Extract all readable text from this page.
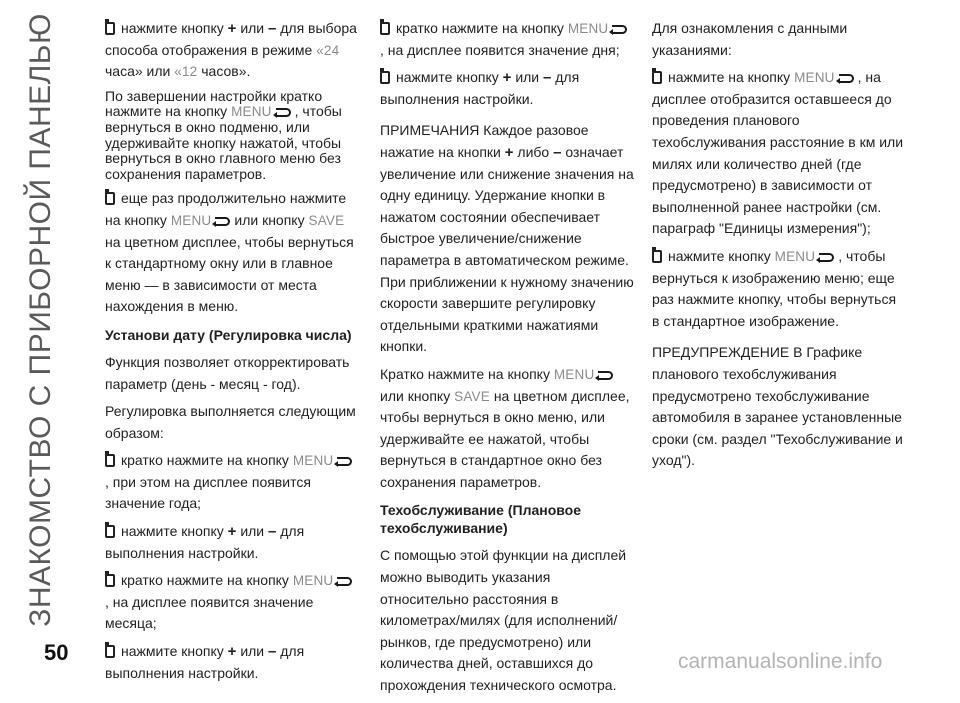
ЗНАКОМСТВО С ПРИБОРНОЙ ПАНЕЛЬЮ	нажмите кнопку + или – для выбора способа отображения в режиме «24 часа» или «12 часов».
По завершении настройки кратко нажмите на кнопку MENU , чтобы вернуться в окно подменю, или удерживайте кнопку нажатой, чтобы вернуться в окно главного меню без сохранения параметров.
еще раз продолжительно нажмите на кнопку MENU или кнопку SAVE на цветном дисплее, чтобы вернуться к стандартному окну или в главное меню — в зависимости от места нахождения в меню.
Установи дату (Регулировка числа)
Функция позволяет откорректировать параметр (день - месяц - год).
Регулировка выполняется следующим образом:
кратко нажмите на кнопку MENU, при этом на дисплее появится значение года;
нажмите кнопку + или – для выполнения настройки.
кратко нажмите на кнопку MENU, на дисплее появится значение месяца;
нажмите кнопку + или – для выполнения настройки.
кратко нажмите на кнопку MENU, на дисплее появится значение дня;
нажмите кнопку + или – для выполнения настройки.
ПРИМЕЧАНИЯ Каждое разовое нажатие на кнопки + либо – означает увеличение или снижение значения на одну единицу. Удержание кнопки в нажатом состоянии обеспечивает быстрое увеличение/снижение параметра в автоматическом режиме. При приближении к нужному значению скорости завершите регулировку отдельными краткими нажатиями кнопки.
Кратко нажмите на кнопку MENUили кнопку SAVE на цветном дисплее, чтобы вернуться в окно меню, или удерживайте ее нажатой, чтобы вернуться в стандартное окно без сохранения параметров.
Техобслуживание (Плановое техобслуживание)
С помощью этой функции на дисплей можно выводить указания относительно расстояния в километрах/милях (для исполнений/рынков, где предусмотрено) или количества дней, оставшихся до прохождения технического осмотра.
Для ознакомления с данными указаниями:
нажмите на кнопку MENU , на дисплее отобразится оставшееся до проведения планового техобслуживания расстояние в км или милях или количество дней (где предусмотрено) в зависимости от выполненной ранее настройки (см. параграф "Единицы измерения");
нажмите кнопку MENU , чтобы вернуться к изображению меню; еще раз нажмите кнопку, чтобы вернуться в стандартное изображение.
ПРЕДУПРЕЖДЕНИЕ В Графике планового техобслуживания предусмотрено техобслуживание автомобиля в заранее установленные сроки (см. раздел "Техобслуживание и уход").
50	carmanualsonline.info
